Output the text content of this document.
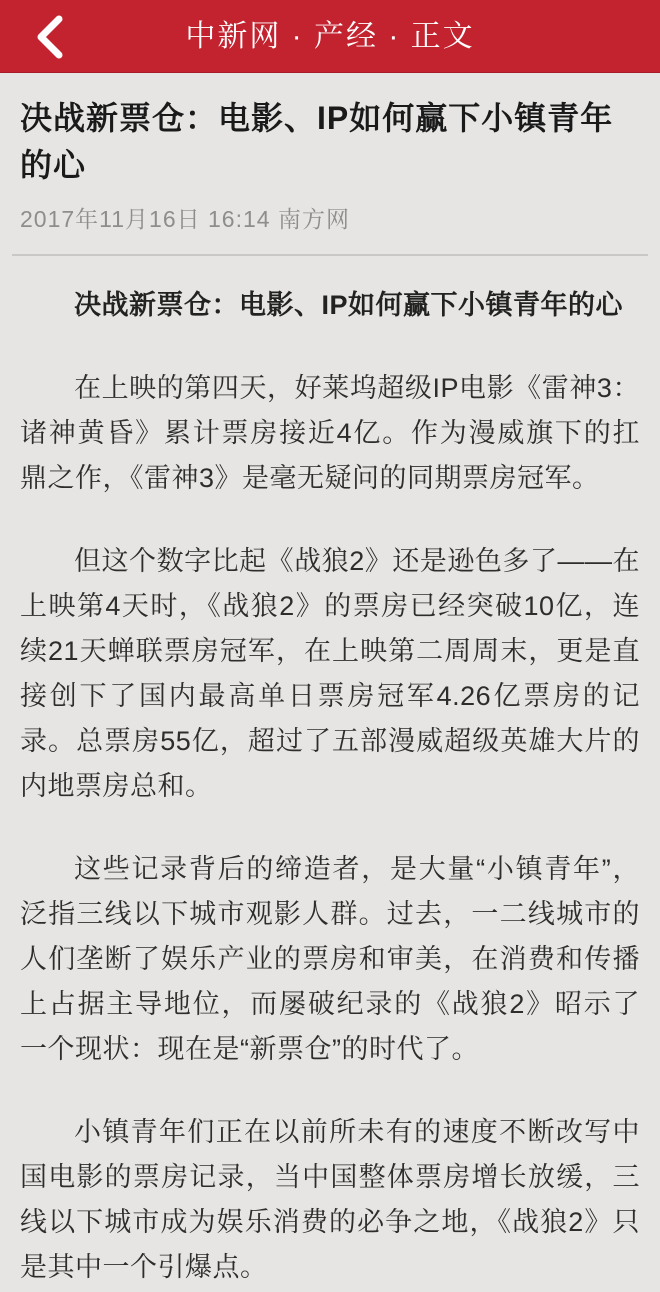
中新网 · 产经 · 正文
决战新票仓：电影、IP如何赢下小镇青年的心
2017年11月16日 16:14 南方网

决战新票仓：电影、IP如何赢下小镇青年的心

在上映的第四天，好莱坞超级IP电影《雷神3：诸神黄昏》累计票房接近4亿。作为漫威旗下的扛鼎之作，《雷神3》是毫无疑问的同期票房冠军。

但这个数字比起《战狼2》还是逊色多了——在上映第4天时，《战狼2》的票房已经突破10亿，连续21天蝉联票房冠军，在上映第二周周末，更是直接创下了国内最高单日票房冠军4.26亿票房的记录。总票房55亿，超过了五部漫威超级英雄大片的内地票房总和。

这些记录背后的缔造者，是大量“小镇青年”，泛指三线以下城市观影人群。过去，一二线城市的人们垄断了娱乐产业的票房和审美，在消费和传播上占据主导地位，而屡破纪录的《战狼2》昭示了一个现状：现在是“新票仓”的时代了。

小镇青年们正在以前所未有的速度不断改写中国电影的票房记录，当中国整体票房增长放缓，三线以下城市成为娱乐消费的必争之地，《战狼2》只是其中一个引爆点。
